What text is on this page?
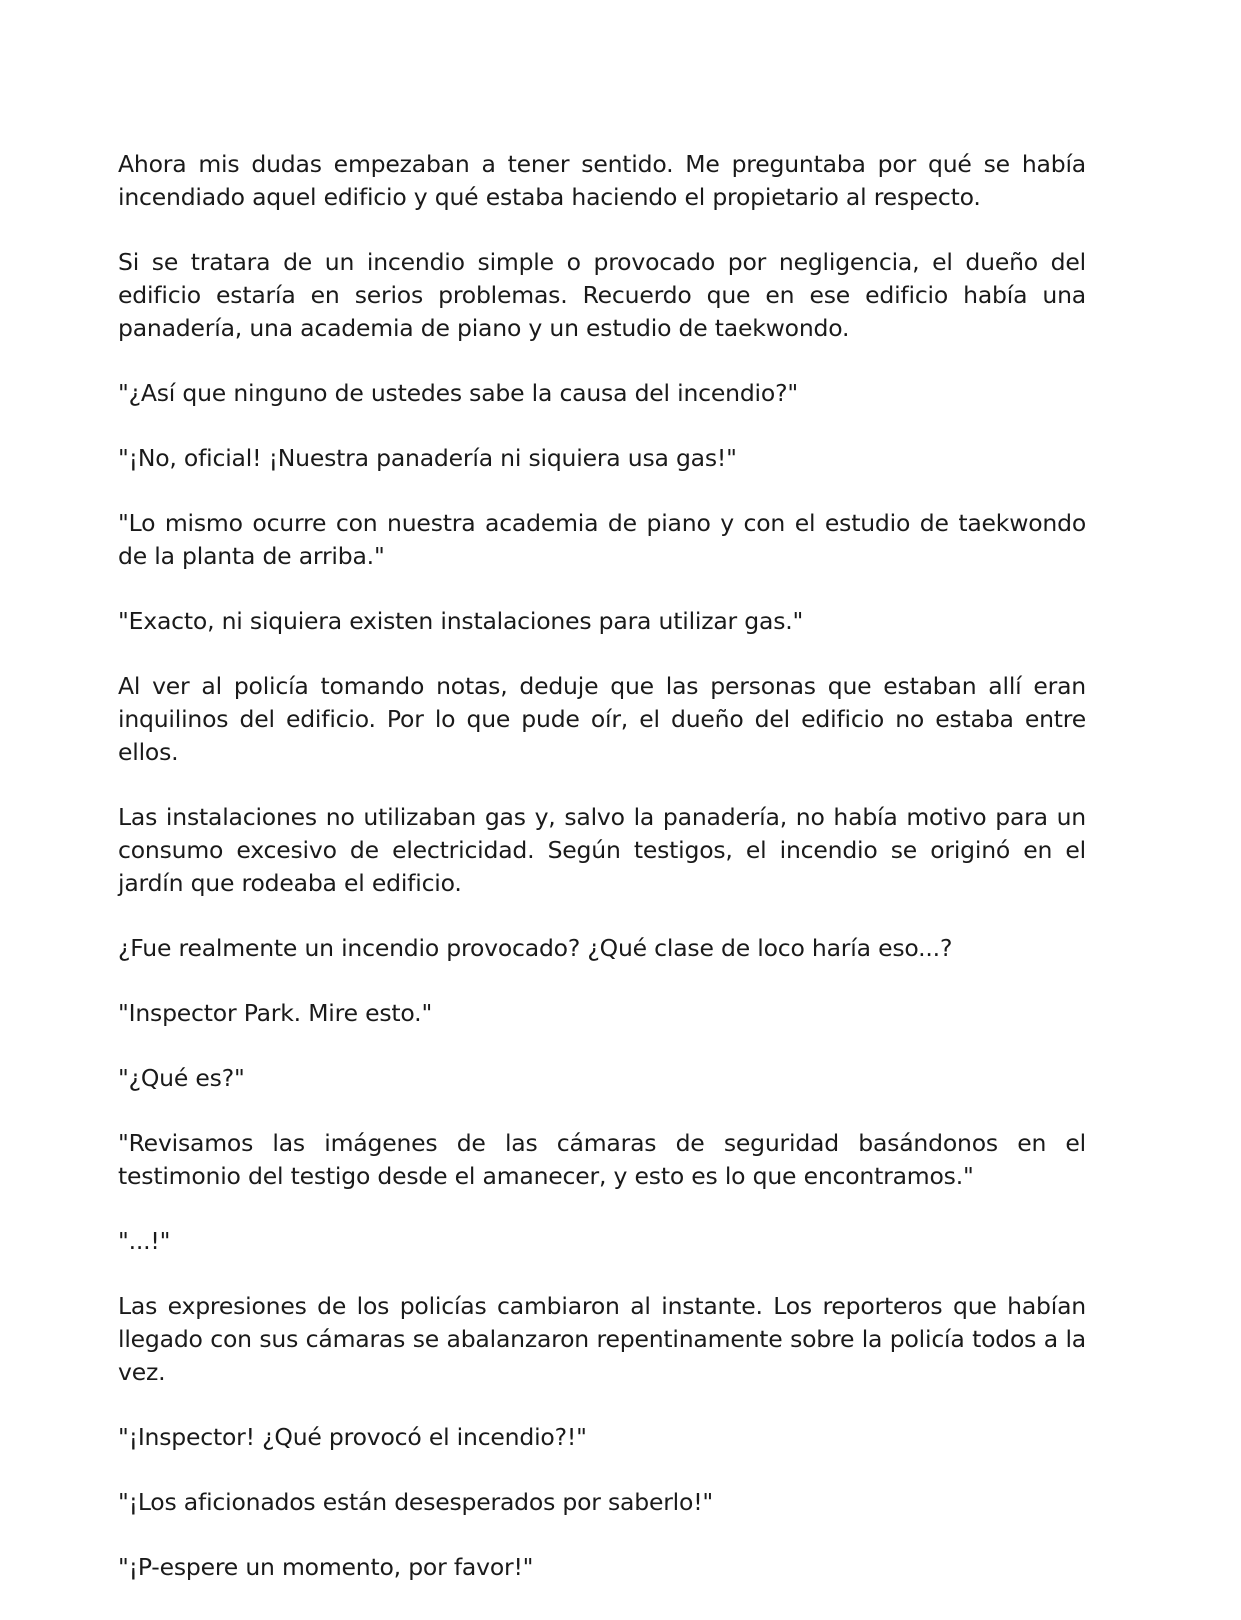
Ahora mis dudas empezaban a tener sentido. Me preguntaba por qué se había incendiado aquel edificio y qué estaba haciendo el propietario al respecto.

Si se tratara de un incendio simple o provocado por negligencia, el dueño del edificio estaría en serios problemas. Recuerdo que en ese edificio había una panadería, una academia de piano y un estudio de taekwondo.

"¿Así que ninguno de ustedes sabe la causa del incendio?"

"¡No, oficial! ¡Nuestra panadería ni siquiera usa gas!"

"Lo mismo ocurre con nuestra academia de piano y con el estudio de taekwondo de la planta de arriba."

"Exacto, ni siquiera existen instalaciones para utilizar gas."

Al ver al policía tomando notas, deduje que las personas que estaban allí eran inquilinos del edificio. Por lo que pude oír, el dueño del edificio no estaba entre ellos.

Las instalaciones no utilizaban gas y, salvo la panadería, no había motivo para un consumo excesivo de electricidad. Según testigos, el incendio se originó en el jardín que rodeaba el edificio.

¿Fue realmente un incendio provocado? ¿Qué clase de loco haría eso...?

"Inspector Park. Mire esto."

"¿Qué es?"

"Revisamos las imágenes de las cámaras de seguridad basándonos en el testimonio del testigo desde el amanecer, y esto es lo que encontramos."

"...!"

Las expresiones de los policías cambiaron al instante. Los reporteros que habían llegado con sus cámaras se abalanzaron repentinamente sobre la policía todos a la vez.

"¡Inspector! ¿Qué provocó el incendio?!"

"¡Los aficionados están desesperados por saberlo!"

"¡P-espere un momento, por favor!"
